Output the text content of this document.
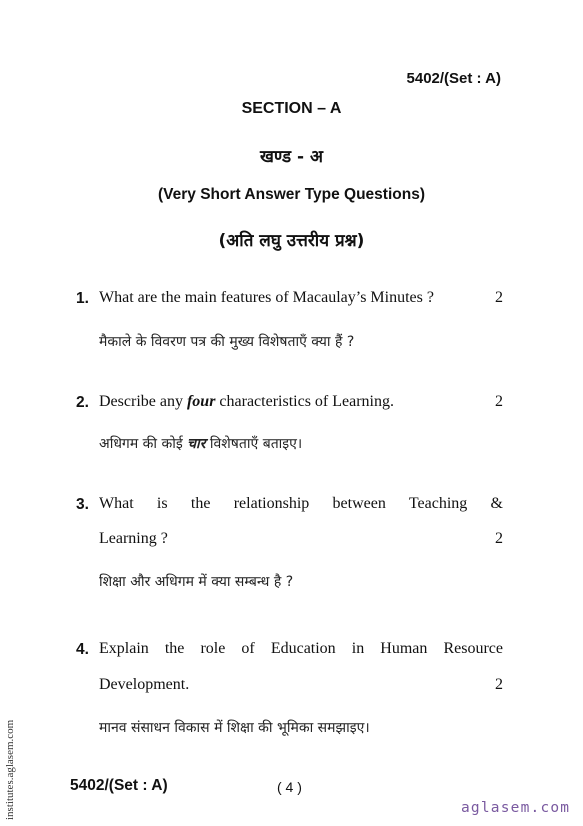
5402/(Set : A)
SECTION – A
खण्ड - अ
(Very Short Answer Type Questions)
(अति लघु उत्तरीय प्रश्न)
1. What are the main features of Macaulay’s Minutes ?	2
मैकाले के विवरण पत्र की मुख्य विशेषताएँ क्या हैं ?
2. Describe any four characteristics of Learning.	2
अधिगम की कोई चार विशेषताएँ बताइए।
3. What is the relationship between Teaching &
Learning ?	2
शिक्षा और अधिगम में क्या सम्बन्ध है ?
4. Explain the role of Education in Human Resource
Development.	2
मानव संसाधन विकास में शिक्षा की भूमिका समझाइए।
5402/(Set : A)	( 4 )
institutes.aglasem.com	aglasem.com
